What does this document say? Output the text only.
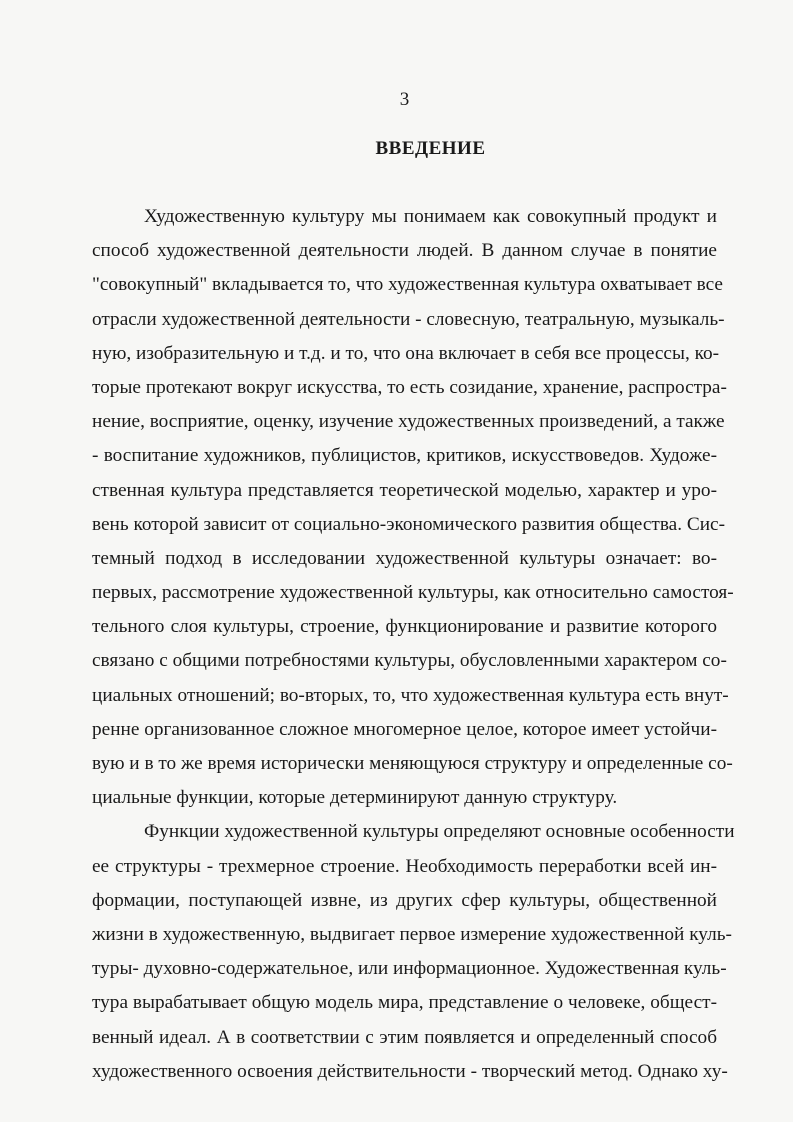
3
ВВЕДЕНИЕ
Художественную культуру мы понимаем как совокупный продукт и
способ художественной деятельности людей. В данном случае в понятие
"совокупный" вкладывается то, что художественная культура охватывает все
отрасли художественной деятельности - словесную, театральную, музыкаль-
ную, изобразительную и т.д. и то, что она включает в себя все процессы, ко-
торые протекают вокруг искусства, то есть созидание, хранение, распростра-
нение, восприятие, оценку, изучение художественных произведений, а также
- воспитание художников, публицистов, критиков, искусствоведов. Художе-
ственная культура представляется теоретической моделью, характер и уро-
вень которой зависит от социально-экономического развития общества. Сис-
темный подход в исследовании художественной культуры означает: во-
первых, рассмотрение художественной культуры, как относительно самостоя-
тельного слоя культуры, строение, функционирование и развитие которого
связано с общими потребностями культуры, обусловленными характером со-
циальных отношений; во-вторых, то, что художественная культура есть внут-
ренне организованное сложное многомерное целое, которое имеет устойчи-
вую и в то же время исторически меняющуюся структуру и определенные со-
циальные функции, которые детерминируют данную структуру.
Функции художественной культуры определяют основные особенности
ее структуры - трехмерное строение. Необходимость переработки всей ин-
формации, поступающей извне, из других сфер культуры, общественной
жизни в художественную, выдвигает первое измерение художественной куль-
туры- духовно-содержательное, или информационное. Художественная куль-
тура вырабатывает общую модель мира, представление о человеке, общест-
венный идеал. А в соответствии с этим появляется и определенный способ
художественного освоения действительности - творческий метод. Однако ху-
